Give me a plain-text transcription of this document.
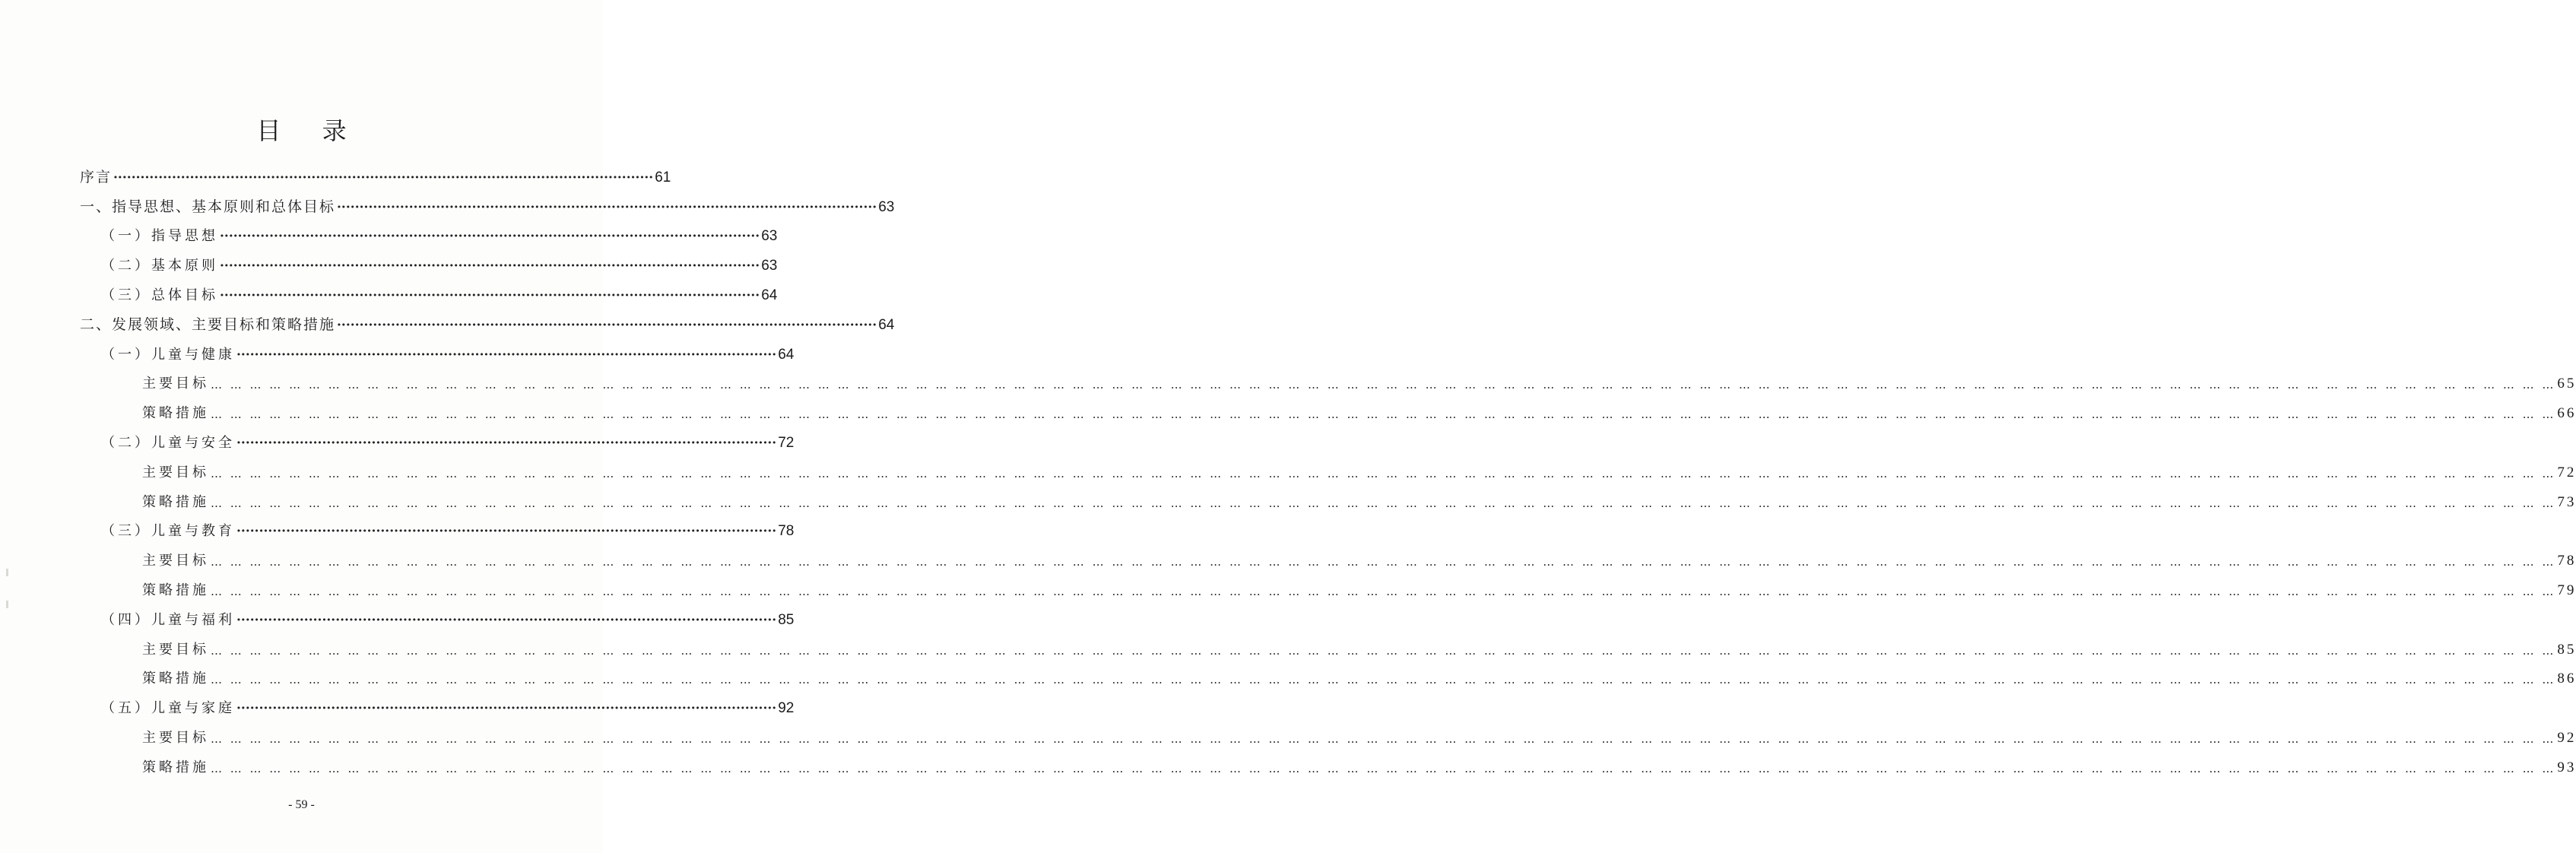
目 录
序言 ························································································································ 61
一、指导思想、基本原则和总体目标 ························································································································ 63
（一）指导思想 ························································································································ 63
（二）基本原则 ························································································································ 63
（三）总体目标 ························································································································ 64
二、发展领域、主要目标和策略措施 ························································································································ 64
（一）儿童与健康 ························································································································ 64
主要目标 … … … … … … … … … … … … … … … … … … … … … … … … … … … … … … … … … … … … … … … … … … … … … … … … … … … … … … … … … … … … … … … … … … … … … … … … … … … … … … … … … … … … … … … … … … … … … … … … … … … … … … … … … … … … … … … … … … … … … … … … 65
策略措施 … … … … … … … … … … … … … … … … … … … … … … … … … … … … … … … … … … … … … … … … … … … … … … … … … … … … … … … … … … … … … … … … … … … … … … … … … … … … … … … … … … … … … … … … … … … … … … … … … … … … … … … … … … … … … … … … … … … … … … … … 66
（二）儿童与安全 ························································································································ 72
主要目标 … … … … … … … … … … … … … … … … … … … … … … … … … … … … … … … … … … … … … … … … … … … … … … … … … … … … … … … … … … … … … … … … … … … … … … … … … … … … … … … … … … … … … … … … … … … … … … … … … … … … … … … … … … … … … … … … … … … … … … … … 72
策略措施 … … … … … … … … … … … … … … … … … … … … … … … … … … … … … … … … … … … … … … … … … … … … … … … … … … … … … … … … … … … … … … … … … … … … … … … … … … … … … … … … … … … … … … … … … … … … … … … … … … … … … … … … … … … … … … … … … … … … … … … … 73
（三）儿童与教育 ························································································································ 78
主要目标 … … … … … … … … … … … … … … … … … … … … … … … … … … … … … … … … … … … … … … … … … … … … … … … … … … … … … … … … … … … … … … … … … … … … … … … … … … … … … … … … … … … … … … … … … … … … … … … … … … … … … … … … … … … … … … … … … … … … … … … … 78
策略措施 … … … … … … … … … … … … … … … … … … … … … … … … … … … … … … … … … … … … … … … … … … … … … … … … … … … … … … … … … … … … … … … … … … … … … … … … … … … … … … … … … … … … … … … … … … … … … … … … … … … … … … … … … … … … … … … … … … … … … … … … 79
（四）儿童与福利 ························································································································ 85
主要目标 … … … … … … … … … … … … … … … … … … … … … … … … … … … … … … … … … … … … … … … … … … … … … … … … … … … … … … … … … … … … … … … … … … … … … … … … … … … … … … … … … … … … … … … … … … … … … … … … … … … … … … … … … … … … … … … … … … … … … … … … 85
策略措施 … … … … … … … … … … … … … … … … … … … … … … … … … … … … … … … … … … … … … … … … … … … … … … … … … … … … … … … … … … … … … … … … … … … … … … … … … … … … … … … … … … … … … … … … … … … … … … … … … … … … … … … … … … … … … … … … … … … … … … … … 86
（五）儿童与家庭 ························································································································ 92
主要目标 … … … … … … … … … … … … … … … … … … … … … … … … … … … … … … … … … … … … … … … … … … … … … … … … … … … … … … … … … … … … … … … … … … … … … … … … … … … … … … … … … … … … … … … … … … … … … … … … … … … … … … … … … … … … … … … … … … … … … … … … 92
策略措施 … … … … … … … … … … … … … … … … … … … … … … … … … … … … … … … … … … … … … … … … … … … … … … … … … … … … … … … … … … … … … … … … … … … … … … … … … … … … … … … … … … … … … … … … … … … … … … … … … … … … … … … … … … … … … … … … … … … … … … … … 93
- 59 -
